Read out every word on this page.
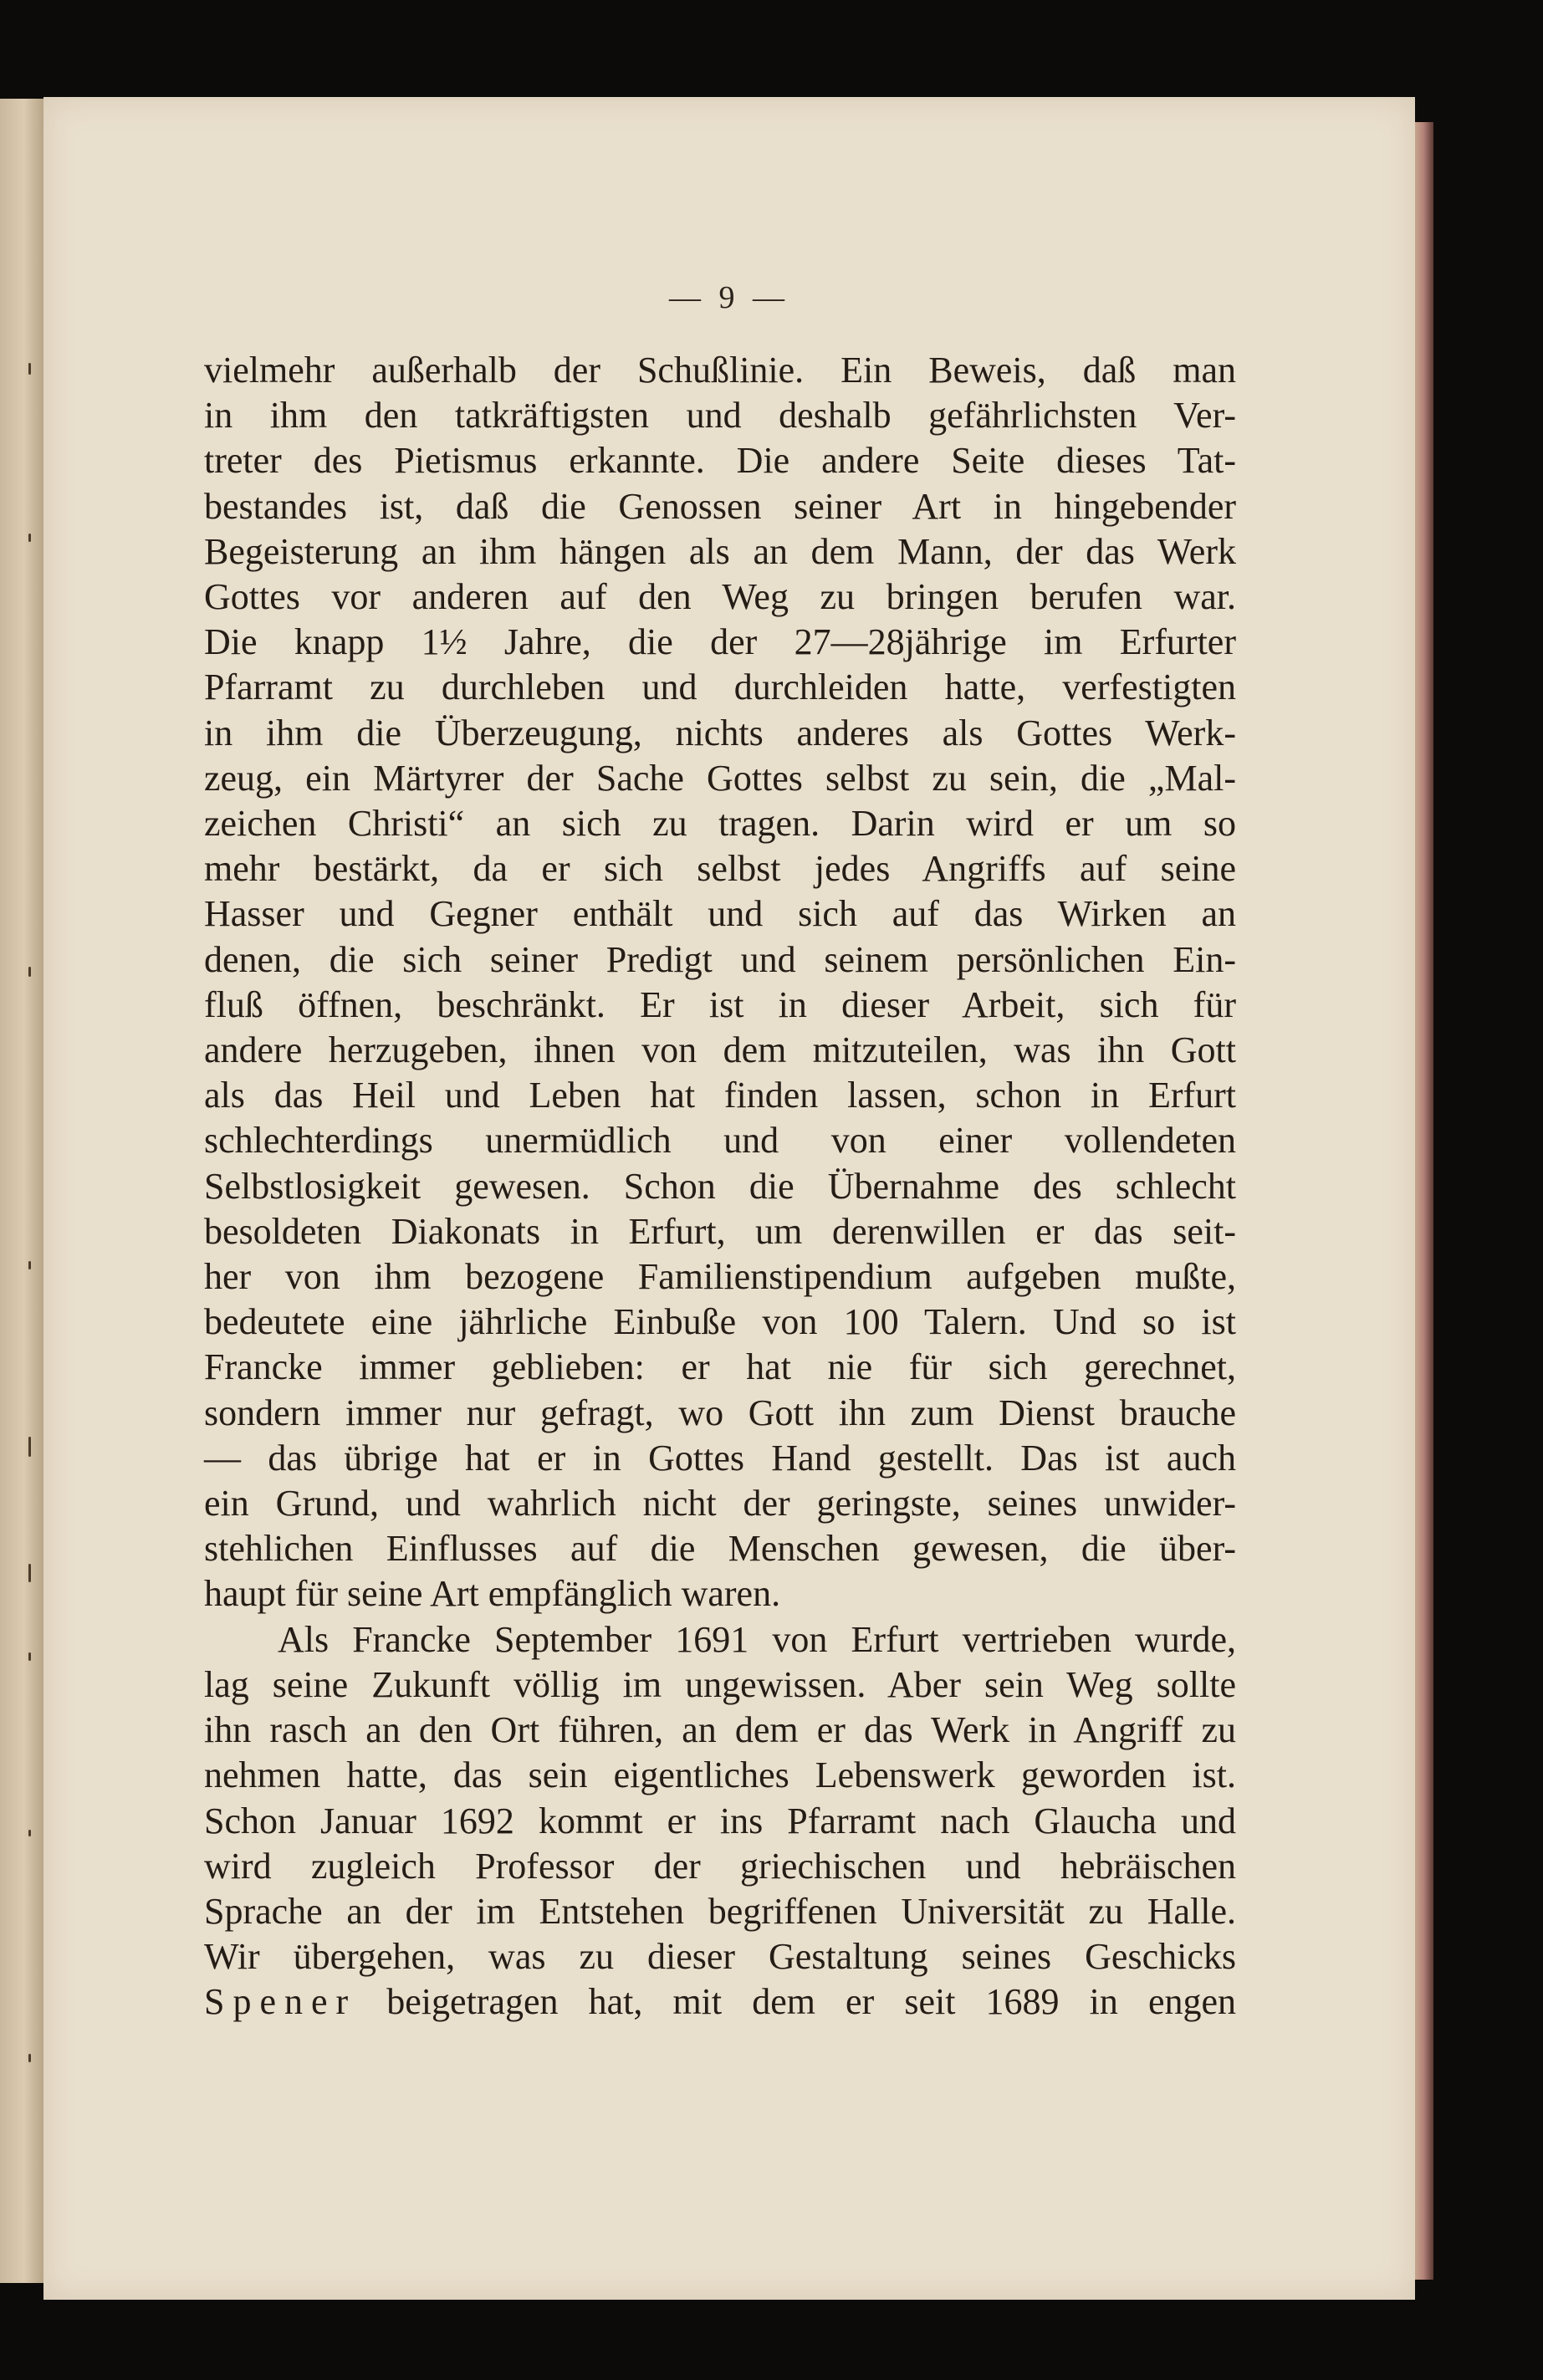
— 9 —
vielmehr außerhalb der Schußlinie. Ein Beweis, daß man
in ihm den tatkräftigsten und deshalb gefährlichsten Ver-
treter des Pietismus erkannte. Die andere Seite dieses Tat-
bestandes ist, daß die Genossen seiner Art in hingebender
Begeisterung an ihm hängen als an dem Mann, der das Werk
Gottes vor anderen auf den Weg zu bringen berufen war.
Die knapp 1½ Jahre, die der 27—28jährige im Erfurter
Pfarramt zu durchleben und durchleiden hatte, verfestigten
in ihm die Überzeugung, nichts anderes als Gottes Werk-
zeug, ein Märtyrer der Sache Gottes selbst zu sein, die „Mal-
zeichen Christi“ an sich zu tragen. Darin wird er um so
mehr bestärkt, da er sich selbst jedes Angriffs auf seine
Hasser und Gegner enthält und sich auf das Wirken an
denen, die sich seiner Predigt und seinem persönlichen Ein-
fluß öffnen, beschränkt. Er ist in dieser Arbeit, sich für
andere herzugeben, ihnen von dem mitzuteilen, was ihn Gott
als das Heil und Leben hat finden lassen, schon in Erfurt
schlechterdings unermüdlich und von einer vollendeten
Selbstlosigkeit gewesen. Schon die Übernahme des schlecht
besoldeten Diakonats in Erfurt, um derenwillen er das seit-
her von ihm bezogene Familienstipendium aufgeben mußte,
bedeutete eine jährliche Einbuße von 100 Talern. Und so ist
Francke immer geblieben: er hat nie für sich gerechnet,
sondern immer nur gefragt, wo Gott ihn zum Dienst brauche
— das übrige hat er in Gottes Hand gestellt. Das ist auch
ein Grund, und wahrlich nicht der geringste, seines unwider-
stehlichen Einflusses auf die Menschen gewesen, die über-
haupt für seine Art empfänglich waren.
Als Francke September 1691 von Erfurt vertrieben wurde,
lag seine Zukunft völlig im ungewissen. Aber sein Weg sollte
ihn rasch an den Ort führen, an dem er das Werk in Angriff zu
nehmen hatte, das sein eigentliches Lebenswerk geworden ist.
Schon Januar 1692 kommt er ins Pfarramt nach Glaucha und
wird zugleich Professor der griechischen und hebräischen
Sprache an der im Entstehen begriffenen Universität zu Halle.
Wir übergehen, was zu dieser Gestaltung seines Geschicks
Spener beigetragen hat, mit dem er seit 1689 in engen
